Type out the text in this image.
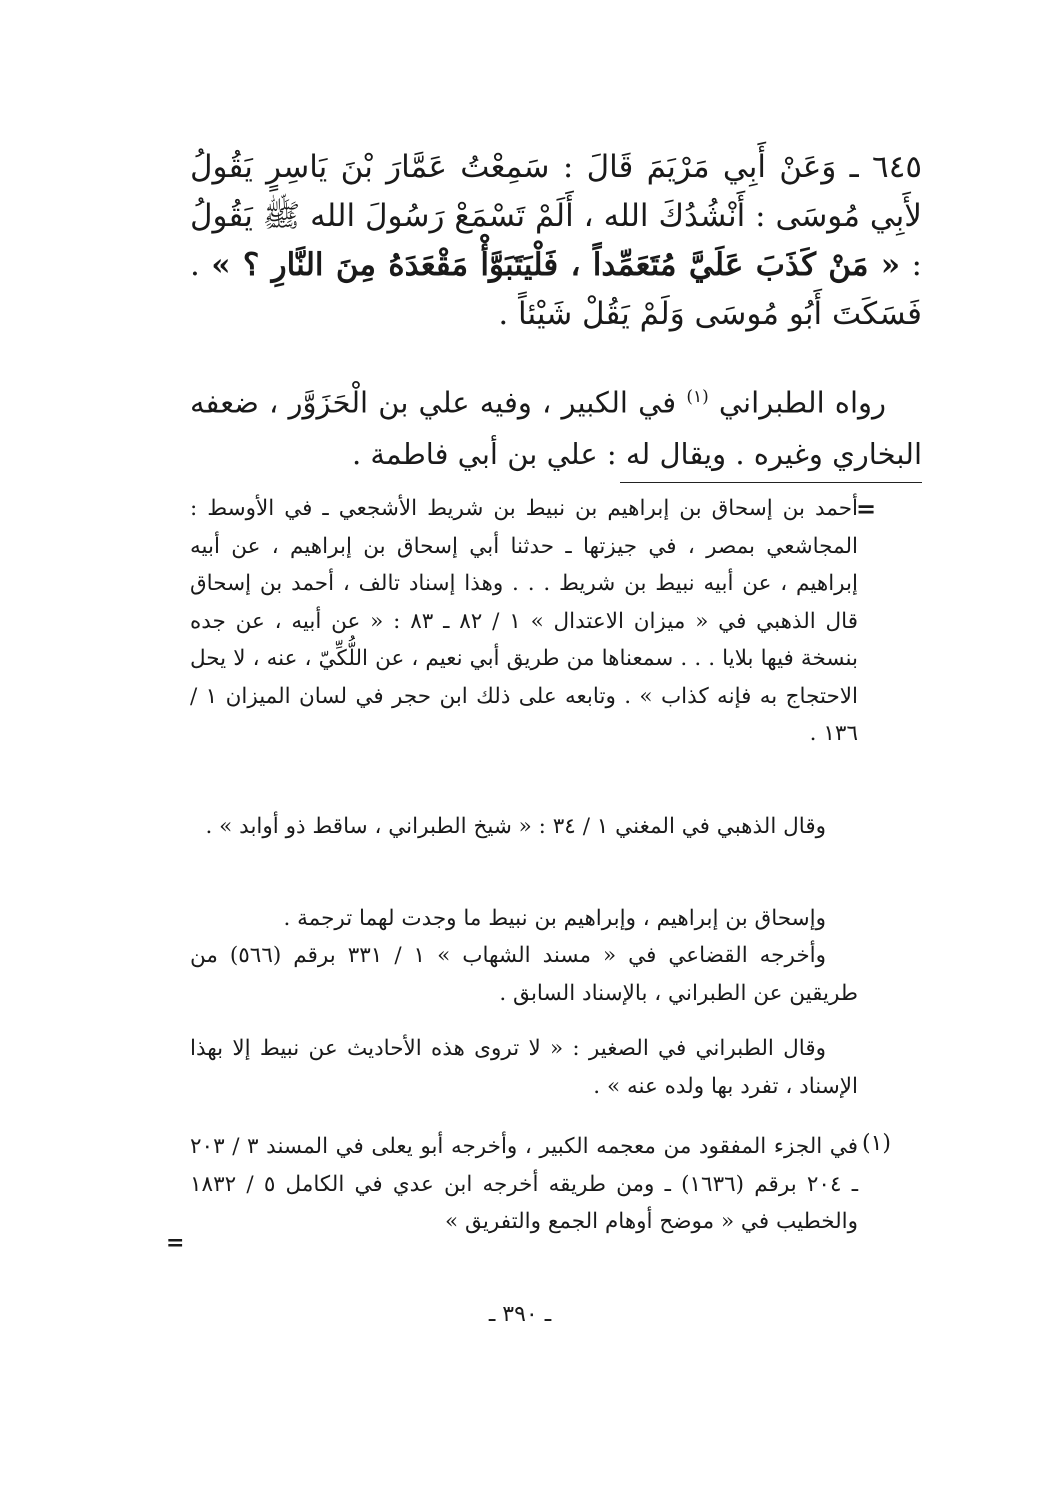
٦٤٥ ـ وَعَنْ أَبِي مَرْيَمَ قَالَ : سَمِعْتُ عَمَّارَ بْنَ يَاسِرٍ يَقُولُ لأَبِي مُوسَى : أَنْشُدُكَ الله ، أَلَمْ تَسْمَعْ رَسُولَ الله ﷺ يَقُولُ : « مَنْ كَذَبَ عَلَيَّ مُتَعَمِّداً ، فَلْيَتَبَوَّأْ مَقْعَدَهُ مِنَ النَّارِ ؟ » . فَسَكَتَ أَبُو مُوسَى وَلَمْ يَقُلْ شَيْئاً .

رواه الطبراني $^{(١)}$ في الكبير ، وفيه علي بن الْحَزَوَّر ، ضعفه البخاري وغيره . ويقال له : علي بن أبي فاطمة .

=

أحمد بن إسحاق بن إبراهيم بن نبيط بن شريط الأشجعي ـ في الأوسط : المجاشعي بمصر ، في جيزتها ـ حدثنا أبي إسحاق بن إبراهيم ، عن أبيه إبراهيم ، عن أبيه نبيط بن شريط . . . وهذا إسناد تالف ، أحمد بن إسحاق قال الذهبي في « ميزان الاعتدال » ١ / ٨٢ ـ ٨٣ : « عن أبيه ، عن جده بنسخة فيها بلايا . . . سمعناها من طريق أبي نعيم ، عن اللُّكِّيّ ، عنه ، لا يحل الاحتجاج به فإنه كذاب » . وتابعه على ذلك ابن حجر في لسان الميزان ١ / ١٣٦ .

وقال الذهبي في المغني ١ / ٣٤ : « شيخ الطبراني ، ساقط ذو أوابد » .

وإسحاق بن إبراهيم ، وإبراهيم بن نبيط ما وجدت لهما ترجمة .

وأخرجه القضاعي في « مسند الشهاب » ١ / ٣٣١ برقم (٥٦٦) من طريقين عن الطبراني ، بالإسناد السابق .

وقال الطبراني في الصغير : « لا تروى هذه الأحاديث عن نبيط إلا بهذا الإسناد ، تفرد بها ولده عنه » .

(١)

في الجزء المفقود من معجمه الكبير ، وأخرجه أبو يعلى في المسند ٣ / ٢٠٣ ـ ٢٠٤ برقم (١٦٣٦) ـ ومن طريقه أخرجه ابن عدي في الكامل ٥ / ١٨٣٢ والخطيب في « موضح أوهام الجمع والتفريق »

=
ـ ٣٩٠ ـ
